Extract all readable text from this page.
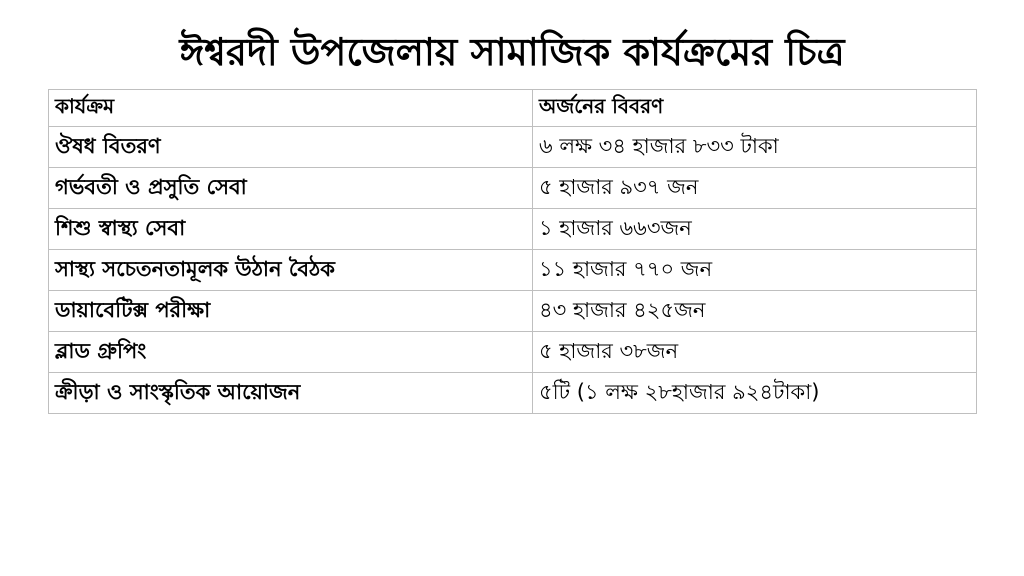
ঈশ্বরদী উপজেলায় সামাজিক কার্যক্রমের চিত্র
কার্যক্রম	অর্জনের বিবরণ
ঔষধ বিতরণ	৬ লক্ষ ৩৪ হাজার ৮৩৩ টাকা
গর্ভবতী ও প্রসুতি সেবা	৫ হাজার ৯৩৭ জন
শিশু স্বাস্থ্য সেবা	১ হাজার ৬৬৩জন
সাস্থ্য সচেতনতামূলক উঠান বৈঠক	১১ হাজার ৭৭০ জন
ডায়াবেটিক্স পরীক্ষা	৪৩ হাজার ৪২৫জন
ব্লাড গ্রুপিং	৫ হাজার ৩৮জন
ক্রীড়া ও সাংস্কৃতিক আয়োজন	৫টি (১ লক্ষ ২৮হাজার ৯২৪টাকা)
